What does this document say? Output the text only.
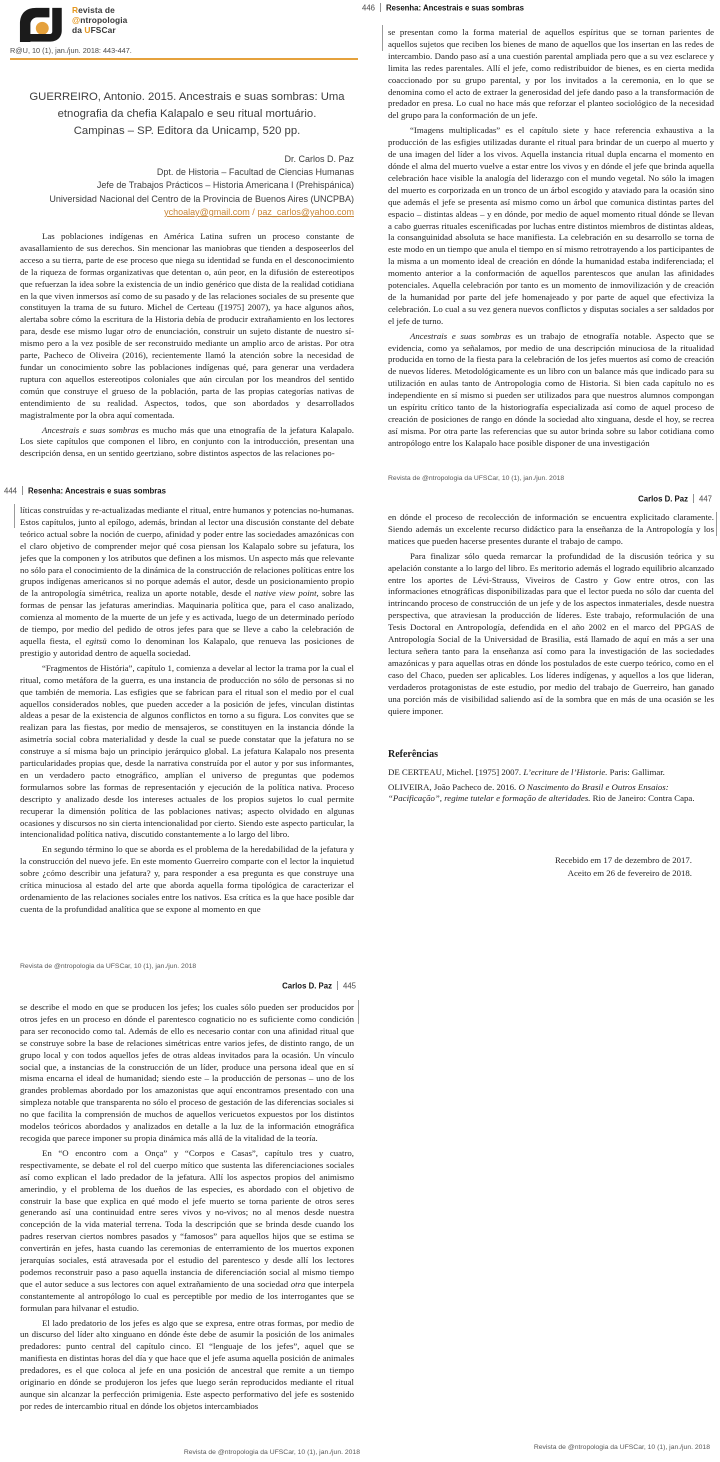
Revista de
@ntropologia
da UFSCar
R@U, 10 (1), jan./jun. 2018: 443-447.
GUERREIRO, Antonio. 2015. Ancestrais e suas sombras: Uma
etnografia da chefia Kalapalo e seu ritual mortuário.
Campinas – SP. Editora da Unicamp, 520 pp.
Dr. Carlos D. Paz
Dpt. de Historia – Facultad de Ciencias Humanas
Jefe de Trabajos Prácticos – Historia Americana I (Prehispánica)
Universidad Nacional del Centro de la Provincia de Buenos Aires (UNCPBA)
ychoalay@gmail.com / paz_carlos@yahoo.com

Las poblaciones indígenas en América Latina sufren un proceso constante de avasallamiento de sus derechos. Sin mencionar las maniobras que tienden a desposeerlos del acceso a su tierra, parte de ese proceso que niega su identidad se funda en el desconocimiento de la riqueza de formas organizativas que detentan o, aún peor, en la difusión de estereotipos que refuerzan la idea sobre la existencia de un indio genérico que dista de la realidad cotidiana en la que viven inmersos así como de su pasado y de las relaciones sociales de su presente que constituyen la trama de su futuro. Michel de Certeau ([1975] 2007), ya hace algunos años, alertaba sobre cómo la escritura de la Historia debía de producir extrañamiento en los lectores para, desde ese mismo lugar otro de enunciación, construir un sujeto distante de nuestro sí-mismo pero a la vez posible de ser reconstruido mediante un amplio arco de aristas. Por otra parte, Pacheco de Oliveira (2016), recientemente llamó la atención sobre la necesidad de fundar un conocimiento sobre las poblaciones indígenas qué, para generar una verdadera ruptura con aquellos estereotipos coloniales que aún circulan por los meandros del sentido común que construye el grueso de la población, parta de las propias categorías nativas de entendimiento de su realidad. Aspectos, todos, que son abordados y desarrollados magistralmente por la obra aquí comentada.

Ancestrais e suas sombras es mucho más que una etnografía de la jefatura Kalapalo. Los siete capítulos que componen el libro, en conjunto con la introducción, presentan una descripción densa, en un sentido geertziano, sobre distintos aspectos de las relaciones po-

444 Resenha: Ancestrais e suas sombras

líticas construídas y re-actualizadas mediante el ritual, entre humanos y potencias no-humanas. Estos capítulos, junto al epílogo, además, brindan al lector una discusión constante del debate teórico actual sobre la noción de cuerpo, afinidad y poder entre las sociedades amazónicas con el claro objetivo de comprender mejor qué cosa piensan los Kalapalo sobre su jefatura, los jefes que la componen y los atributos que definen a los mismos. Un aspecto más que relevante no sólo para el conocimiento de la dinámica de la construcción de relaciones políticas entre los grupos indígenas americanos si no porque además el autor, desde un posicionamiento propio de la antropología simétrica, realiza un aporte notable, desde el native view point, sobre las formas de pensar las jefaturas amerindias. Maquinaria política que, para el caso analizado, comienza al momento de la muerte de un jefe y es activada, luego de un determinado período de tiempo, por medio del pedido de otros jefes para que se lleve a cabo la celebración de aquella fiesta, el egitsü como lo denominan los Kalapalo, que renueva las posiciones de prestigio y autoridad dentro de aquella sociedad.

“Fragmentos de História”, capítulo 1, comienza a develar al lector la trama por la cual el ritual, como metáfora de la guerra, es una instancia de producción no sólo de personas si no que también de memoria. Las esfigies que se fabrican para el ritual son el medio por el cual aquellos considerados nobles, que pueden acceder a la posición de jefes, vinculan distintas aldeas a pesar de la existencia de algunos conflictos en torno a su figura. Los convites que se realizan para las fiestas, por medio de mensajeros, se constituyen en la instancia dónde la asimetría social cobra materialidad y desde la cual se puede constatar que la jefatura no se construye a sí misma bajo un principio jerárquico global. La jefatura Kalapalo nos presenta particularidades propias que, desde la narrativa construída por el autor y por sus informantes, en un verdadero pacto etnográfico, amplían el universo de preguntas que podemos formularnos sobre las formas de representación y ejecución de la política nativa. Proceso descripto y analizado desde los intereses actuales de los propios sujetos lo cual permite recuperar la dimensión política de las poblaciones nativas; aspecto olvidado en algunas ocasiones y discursos no sin cierta intencionalidad por cierto. Siendo este aspecto particular, la intencionalidad política nativa, discutido constantemente a lo largo del libro.

En segundo término lo que se aborda es el problema de la heredabilidad de la jefatura y la construcción del nuevo jefe. En este momento Guerreiro comparte con el lector la inquietud sobre ¿cómo describir una jefatura? y, para responder a esa pregunta es que construye una crítica minuciosa al estado del arte que aborda aquella forma tipológica de caracterizar el ordenamiento de las relaciones sociales entre los nativos. Esa crítica es la que hace posible dar cuenta de la profundidad analítica que se expone al momento en que

Revista de @ntropologia da UFSCar, 10 (1), jan./jun. 2018
Carlos D. Paz 445

se describe el modo en que se producen los jefes; los cuales sólo pueden ser producidos por otros jefes en un proceso en dónde el parentesco cognaticio no es suficiente como condición para ser reconocido como tal. Además de ello es necesario contar con una afinidad ritual que se construye sobre la base de relaciones simétricas entre varios jefes, de distinto rango, de un grupo local y con todos aquellos jefes de otras aldeas invitados para la ocasión. Un vínculo social que, a instancias de la construcción de un líder, produce una persona ideal que en sí misma encarna el ideal de humanidad; siendo este – la producción de personas – uno de los grandes problemas abordado por los amazonistas que aquí encontramos presentado con una simpleza notable que transparenta no sólo el proceso de gestación de las diferencias sociales si no que facilita la comprensión de muchos de aquellos vericuetos expuestos por los distintos modelos teóricos abordados y analizados en detalle a la luz de la información etnográfica recogida que parece imponer su propia dinámica más allá de la vitalidad de la teoría.

En “O encontro com a Onça” y “Corpos e Casas”, capítulo tres y cuatro, respectivamente, se debate el rol del cuerpo mítico que sustenta las diferenciaciones sociales así como explican el lado predador de la jefatura. Allí los aspectos propios del animismo amerindio, y el problema de los dueños de las especies, es abordado con el objetivo de construir la base que explica en qué modo el jefe muerto se torna pariente de otros seres generando así una continuidad entre seres vivos y no-vivos; no al menos desde nuestra concepción de la vida material terrena. Toda la descripción que se brinda desde cuando los padres reservan ciertos nombres pasados y “famosos” para aquellos hijos que se estima se convertirán en jefes, hasta cuando las ceremonias de enterramiento de los muertos exponen jerarquías sociales, está atravesada por el estudio del parentesco y desde allí los lectores podemos reconstruir paso a paso aquella instancia de diferenciación social al mismo tiempo que el autor seduce a sus lectores con aquel extrañamiento de una sociedad otra que interpela constantemente al antropólogo lo cual es perceptible por medio de los interrogantes que se formulan para hilvanar el estudio.

El lado predatorio de los jefes es algo que se expresa, entre otras formas, por medio de un discurso del líder alto xinguano en dónde éste debe de asumir la posición de los animales predadores: punto central del capítulo cinco. El “lenguaje de los jefes”, aquel que se manifiesta en distintas horas del día y que hace que el jefe asuma aquella posición de animales predadores, es el que coloca al jefe en una posición de ancestral que remite a un tiempo originario en dónde se produjeron los jefes que luego serán reproducidos mediante el ritual aunque sin alcanzar la perfección primigenia. Este aspecto performativo del jefe es sostenido por redes de intercambio ritual en dónde los objetos intercambiados

Revista de @ntropologia da UFSCar, 10 (1), jan./jun. 2018
446 Resenha: Ancestrais e suas sombras

se presentan como la forma material de aquellos espíritus que se tornan parientes de aquellos sujetos que reciben los bienes de mano de aquellos que los insertan en las redes de intercambio. Dando paso así a una cuestión parental ampliada pero que a su vez esclarece y limita las redes parentales. Allí el jefe, como redistribuidor de bienes, es en cierta medida coaccionado por su grupo parental, y por los invitados a la ceremonia, en lo que se denomina como el acto de extraer la generosidad del jefe dando paso a la transformación de predador en presa. Lo cual no hace más que reforzar el planteo sociológico de la necesidad del grupo para la conformación de un jefe.

“Imagens multiplicadas” es el capítulo siete y hace referencia exhaustiva a la producción de las esfigies utilizadas durante el ritual para brindar de un cuerpo al muerto y de una imagen del líder a los vivos. Aquella instancia ritual dupla encarna el momento en dónde el alma del muerto vuelve a estar entre los vivos y en dónde el jefe que brinda aquella celebración hace visible la analogía del liderazgo con el mundo vegetal. No sólo la imagen del muerto es corporizada en un tronco de un árbol escogido y ataviado para la ocasión sino que además el jefe se presenta así mismo como un árbol que comunica distintas partes del espacio – distintas aldeas – y en dónde, por medio de aquel momento ritual dónde se llevan a cabo guerras rituales escenificadas por luchas entre distintos miembros de distintas aldeas, la consanguinidad absoluta se hace manifiesta. La celebración en su desarrollo se torna de este modo en un tiempo que anula el tiempo en sí mismo retrotrayendo a los participantes de la misma a un momento ideal de creación en dónde la humanidad estaba indiferenciada; el momento anterior a la conformación de aquellos parentescos que anulan las afinidades potenciales. Aquella celebración por tanto es un momento de inmovilización y de creación de la humanidad por parte del jefe homenajeado y por parte de aquel que efectiviza la celebración. Lo cual a su vez genera nuevos conflictos y disputas sociales a ser saldados por el jefe de turno.

Ancestrais e suas sombras es un trabajo de etnografía notable. Aspecto que se evidencia, como ya señalamos, por medio de una descripción minuciosa de la ritualidad producida en torno de la fiesta para la celebración de los jefes muertos así como de creación de nuevos líderes. Metodológicamente es un libro con un balance más que indicado para su utilización en aulas tanto de Antropologia como de Historia. Si bien cada capítulo no es independiente en sí mismo si pueden ser utilizados para que nuestros alumnos compongan un espíritu crítico tanto de la historiografía especializada así como de aquel proceso de creación de posiciones de rango en dónde la sociedad alto xinguana, desde el hoy, se recrea así misma. Por otra parte las referencias que su autor brinda sobre su labor cotidiana como antropólogo entre los Kalapalo hace posible disponer de una investigación

Revista de @ntropologia da UFSCar, 10 (1), jan./jun. 2018
Carlos D. Paz 447

en dónde el proceso de recolección de información se encuentra explicitado claramente. Siendo además un excelente recurso didáctico para la enseñanza de la Antropología y los matices que pueden hacerse presentes durante el trabajo de campo.

Para finalizar sólo queda remarcar la profundidad de la discusión teórica y su apelación constante a lo largo del libro. Es meritorio además el logrado equilibrio alcanzado entre los aportes de Lévi-Strauss, Viveiros de Castro y Gow entre otros, con las informaciones etnográficas disponibilizadas para que el lector pueda no sólo dar cuenta del intrincando proceso de construcción de un jefe y de los aspectos inmateriales, desde nuestra perspectiva, que atraviesan la producción de líderes. Este trabajo, reformulación de una Tesis Doctoral en Antropología, defendida en el año 2002 en el marco del PPGAS de Antropología Social de la Universidad de Brasilia, está llamado de aquí en más a ser una lectura señera tanto para la enseñanza así como para la investigación de las sociedades amazónicas y para aquellas otras en dónde los postulados de este cuerpo teórico, como en el caso del Chaco, pueden ser aplicables. Los líderes indígenas, y aquellos a los que lideran, verdaderos protagonistas de este estudio, por medio del trabajo de Guerreiro, han ganado una porción más de visibilidad saliendo así de la sombra que en más de una ocasión se les quiere imponer.

Referências

DE CERTEAU, Michel. [1975] 2007. L’ecriture de l’Historie. Paris: Gallimar.

OLIVEIRA, João Pacheco de. 2016. O Nascimento do Brasil e Outros Ensaios: “Pacificação”, regime tutelar e formação de alteridades. Rio de Janeiro: Contra Capa.

Recebido em 17 de dezembro de 2017.
Aceito em 26 de fevereiro de 2018.
Revista de @ntropologia da UFSCar, 10 (1), jan./jun. 2018
